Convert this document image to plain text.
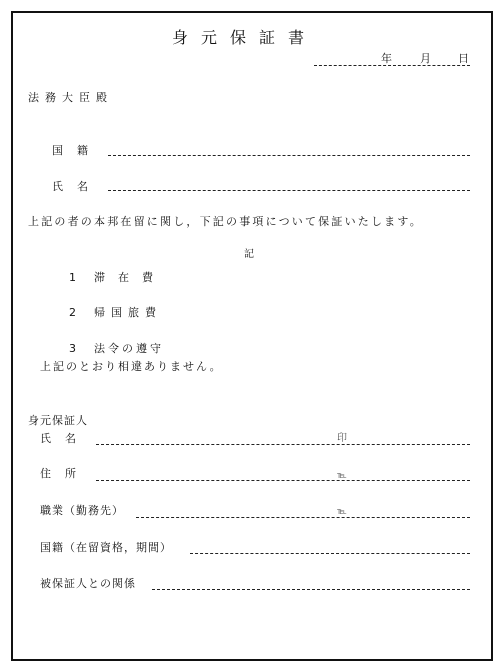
身元保証書
年	月 日
法務大臣殿
国籍
氏名
上記の者の本邦在留に関し，下記の事項について保証いたします。
記
1 滞在費
2 帰国旅費
3 法令の遵守
上記のとおり相違ありません。
身元保証人
氏名	印
住所	℡
職業（勤務先）	℡
国籍（在留資格，期間）
被保証人との関係
